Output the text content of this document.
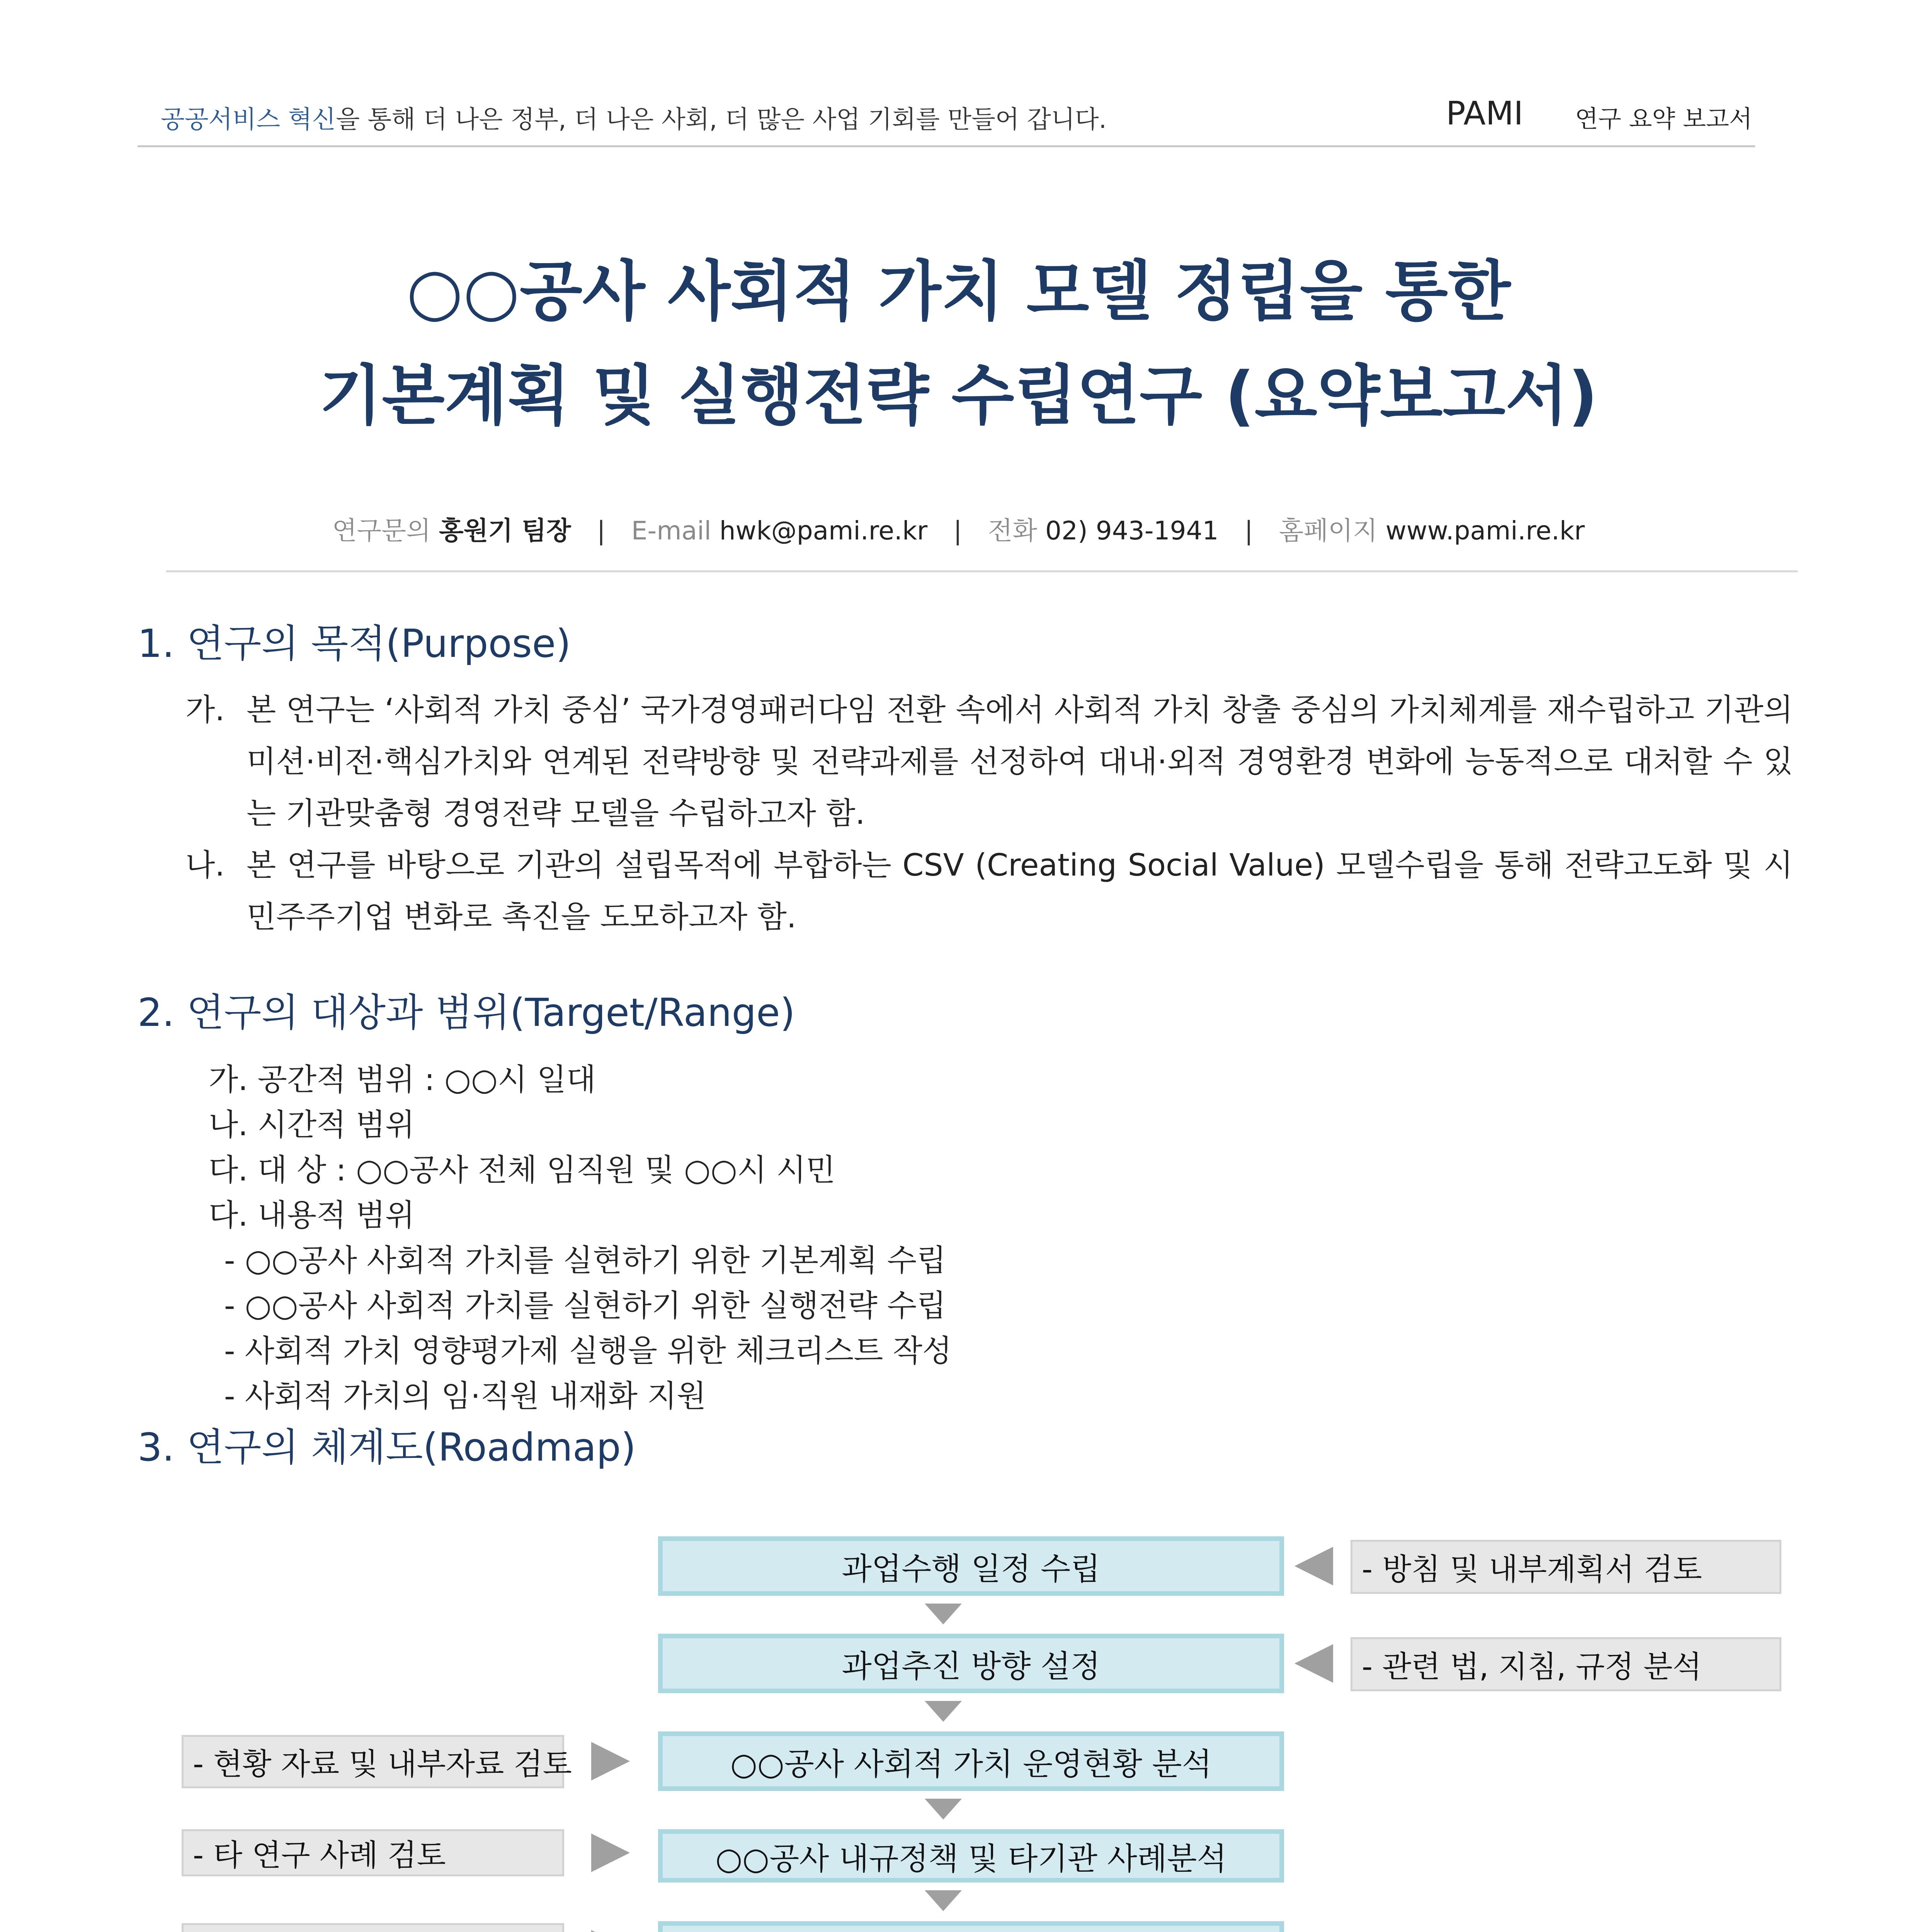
공공서비스 혁신을 통해 더 나은 정부, 더 나은 사회, 더 많은 사업 기회를 만들어 갑니다.	PAMI 연구 요약 보고서
○○공사 사회적 가치 모델 정립을 통한
기본계획 및 실행전략 수립연구 (요약보고서)
연구문의 홍원기 팀장 | E-mail hwk@pami.re.kr | 전화 02) 943-1941 | 홈페이지 www.pami.re.kr
1. 연구의 목적(Purpose)
가. 본 연구는 ‘사회적 가치 중심’ 국가경영패러다임 전환 속에서 사회적 가치 창출 중심의 가치체계를 재수립하고 기관의 미션·비전·핵심가치와 연계된 전략방향 및 전략과제를 선정하여 대내·외적 경영환경 변화에 능동적으로 대처할 수 있는 기관맞춤형 경영전략 모델을 수립하고자 함.
나. 본 연구를 바탕으로 기관의 설립목적에 부합하는 CSV (Creating Social Value) 모델수립을 통해 전략고도화 및 시민주주기업 변화로 촉진을 도모하고자 함.
2. 연구의 대상과 범위(Target/Range)
가. 공간적 범위 : ○○시 일대
나. 시간적 범위
다. 대 상 : ○○공사 전체 임직원 및 ○○시 시민
다. 내용적 범위
- ○○공사 사회적 가치를 실현하기 위한 기본계획 수립
- ○○공사 사회적 가치를 실현하기 위한 실행전략 수립
- 사회적 가치 영향평가제 실행을 위한 체크리스트 작성
- 사회적 가치의 임·직원 내재화 지원
3. 연구의 체계도(Roadmap)
과업수행 일정 수립
과업추진 방향 설정
○○공사 사회적 가치 운영현황 분석
○○공사 내규정책 및 타기관 사례분석
- 방침 및 내부계획서 검토
- 관련 법, 지침, 규정 분석
- 현황 자료 및 내부자료 검토
- 타 연구 사례 검토
